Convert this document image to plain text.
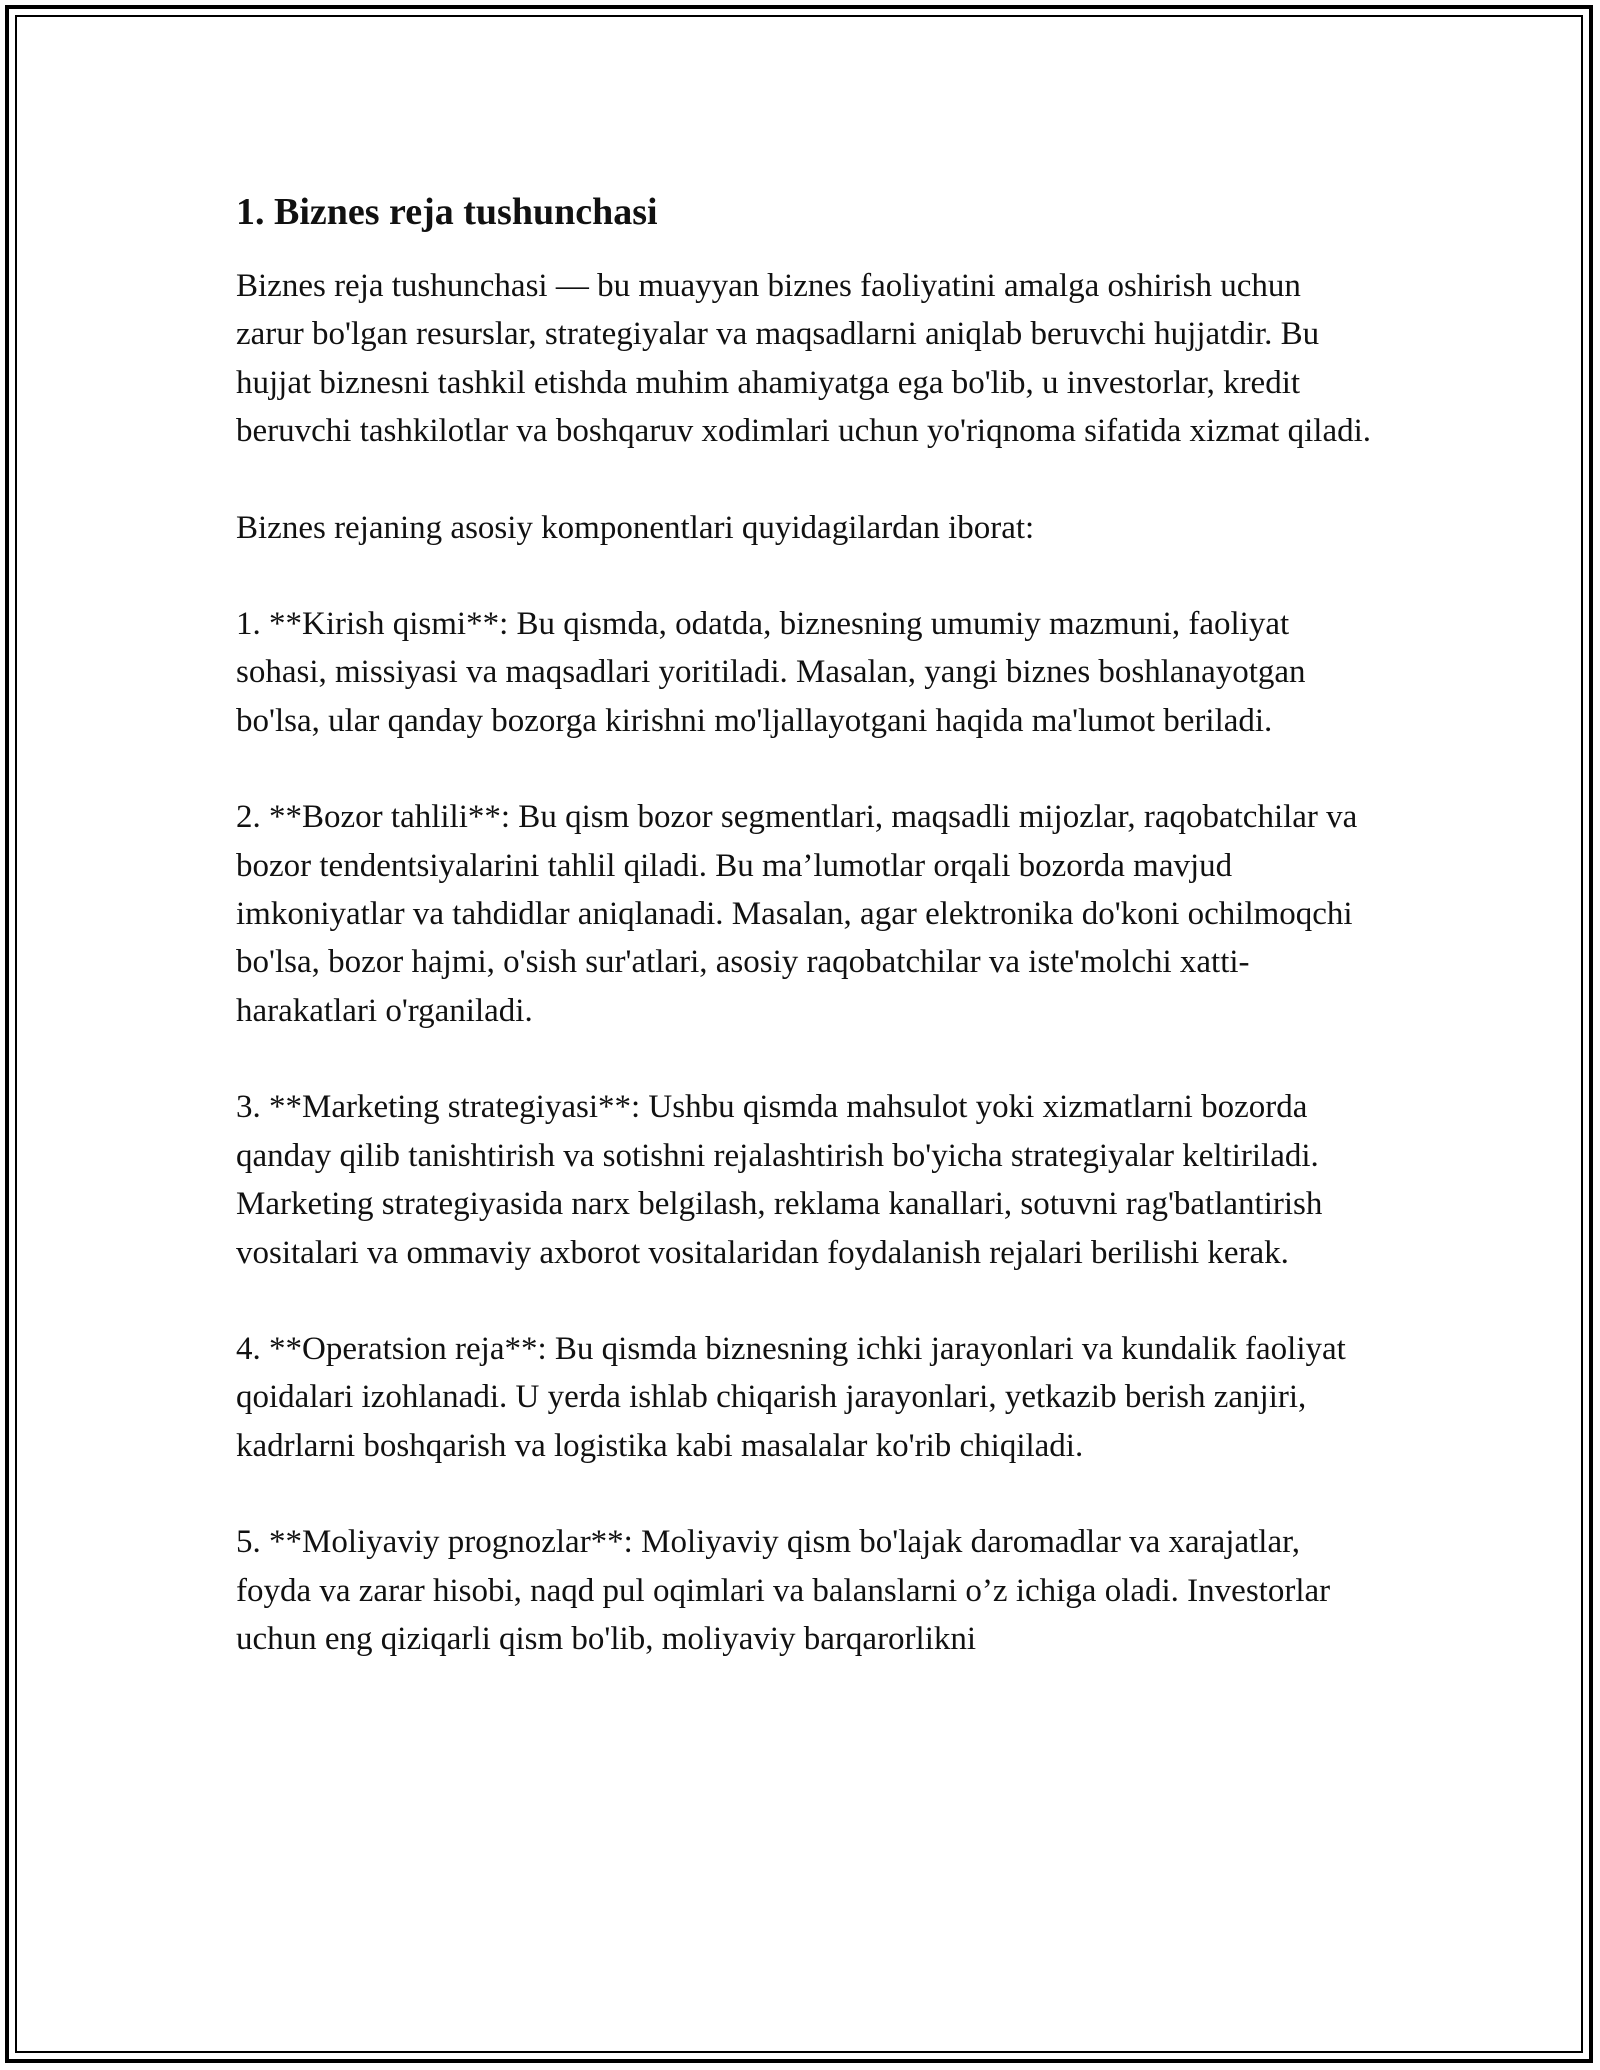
1. Biznes reja tushunchasi

Biznes reja tushunchasi — bu muayyan biznes faoliyatini amalga oshirish uchun zarur bo'lgan resurslar, strategiyalar va maqsadlarni aniqlab beruvchi hujjatdir. Bu hujjat biznesni tashkil etishda muhim ahamiyatga ega bo'lib, u investorlar, kredit beruvchi tashkilotlar va boshqaruv xodimlari uchun yo'riqnoma sifatida xizmat qiladi.

Biznes rejaning asosiy komponentlari quyidagilardan iborat:

1. **Kirish qismi**: Bu qismda, odatda, biznesning umumiy mazmuni, faoliyat sohasi, missiyasi va maqsadlari yoritiladi. Masalan, yangi biznes boshlanayotgan bo'lsa, ular qanday bozorga kirishni mo'ljallayotgani haqida ma'lumot beriladi.

2. **Bozor tahlili**: Bu qism bozor segmentlari, maqsadli mijozlar, raqobatchilar va bozor tendentsiyalarini tahlil qiladi. Bu ma’lumotlar orqali bozorda mavjud imkoniyatlar va tahdidlar aniqlanadi. Masalan, agar elektronika do'koni ochilmoqchi bo'lsa, bozor hajmi, o'sish sur'atlari, asosiy raqobatchilar va iste'molchi xatti-harakatlari o'rganiladi.

3. **Marketing strategiyasi**: Ushbu qismda mahsulot yoki xizmatlarni bozorda qanday qilib tanishtirish va sotishni rejalashtirish bo'yicha strategiyalar keltiriladi. Marketing strategiyasida narx belgilash, reklama kanallari, sotuvni rag'batlantirish vositalari va ommaviy axborot vositalaridan foydalanish rejalari berilishi kerak.

4. **Operatsion reja**: Bu qismda biznesning ichki jarayonlari va kundalik faoliyat qoidalari izohlanadi. U yerda ishlab chiqarish jarayonlari, yetkazib berish zanjiri, kadrlarni boshqarish va logistika kabi masalalar ko'rib chiqiladi.

5. **Moliyaviy prognozlar**: Moliyaviy qism bo'lajak daromadlar va xarajatlar, foyda va zarar hisobi, naqd pul oqimlari va balanslarni o’z ichiga oladi. Investorlar uchun eng qiziqarli qism bo'lib, moliyaviy barqarorlikni
